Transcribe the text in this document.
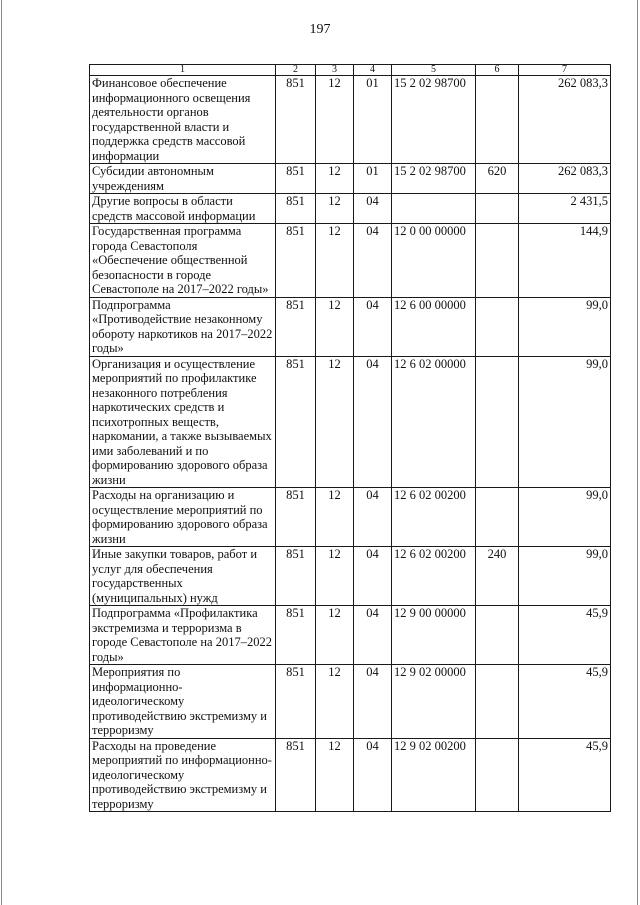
197
1	2	3	4	5	6	7
Финансовое обеспечение информационного освещения деятельности органов государственной власти и поддержка средств массовой информации	851	12	01	15 2 02 98700		262 083,3
Субсидии автономным учреждениям	851	12	01	15 2 02 98700	620	262 083,3
Другие вопросы в области средств массовой информации	851	12	04			2 431,5
Государственная программа города Севастополя «Обеспечение общественной безопасности в городе Севастополе на 2017–2022 годы»	851	12	04	12 0 00 00000		144,9
Подпрограмма «Противодействие незаконному обороту наркотиков на 2017–2022 годы»	851	12	04	12 6 00 00000		99,0
Организация и осуществление мероприятий по профилактике незаконного потребления наркотических средств и психотропных веществ, наркомании, а также вызываемых ими заболеваний и по формированию здорового образа жизни	851	12	04	12 6 02 00000		99,0
Расходы на организацию и осуществление мероприятий по формированию здорового образа жизни	851	12	04	12 6 02 00200		99,0
Иные закупки товаров, работ и услуг для обеспечения государственных (муниципальных) нужд	851	12	04	12 6 02 00200	240	99,0
Подпрограмма «Профилактика экстремизма и терроризма в городе Севастополе на 2017–2022 годы»	851	12	04	12 9 00 00000		45,9
Мероприятия по информационно-идеологическому противодействию экстремизму и терроризму	851	12	04	12 9 02 00000		45,9
Расходы на проведение мероприятий по информационно-идеологическому противодействию экстремизму и терроризму	851	12	04	12 9 02 00200		45,9
